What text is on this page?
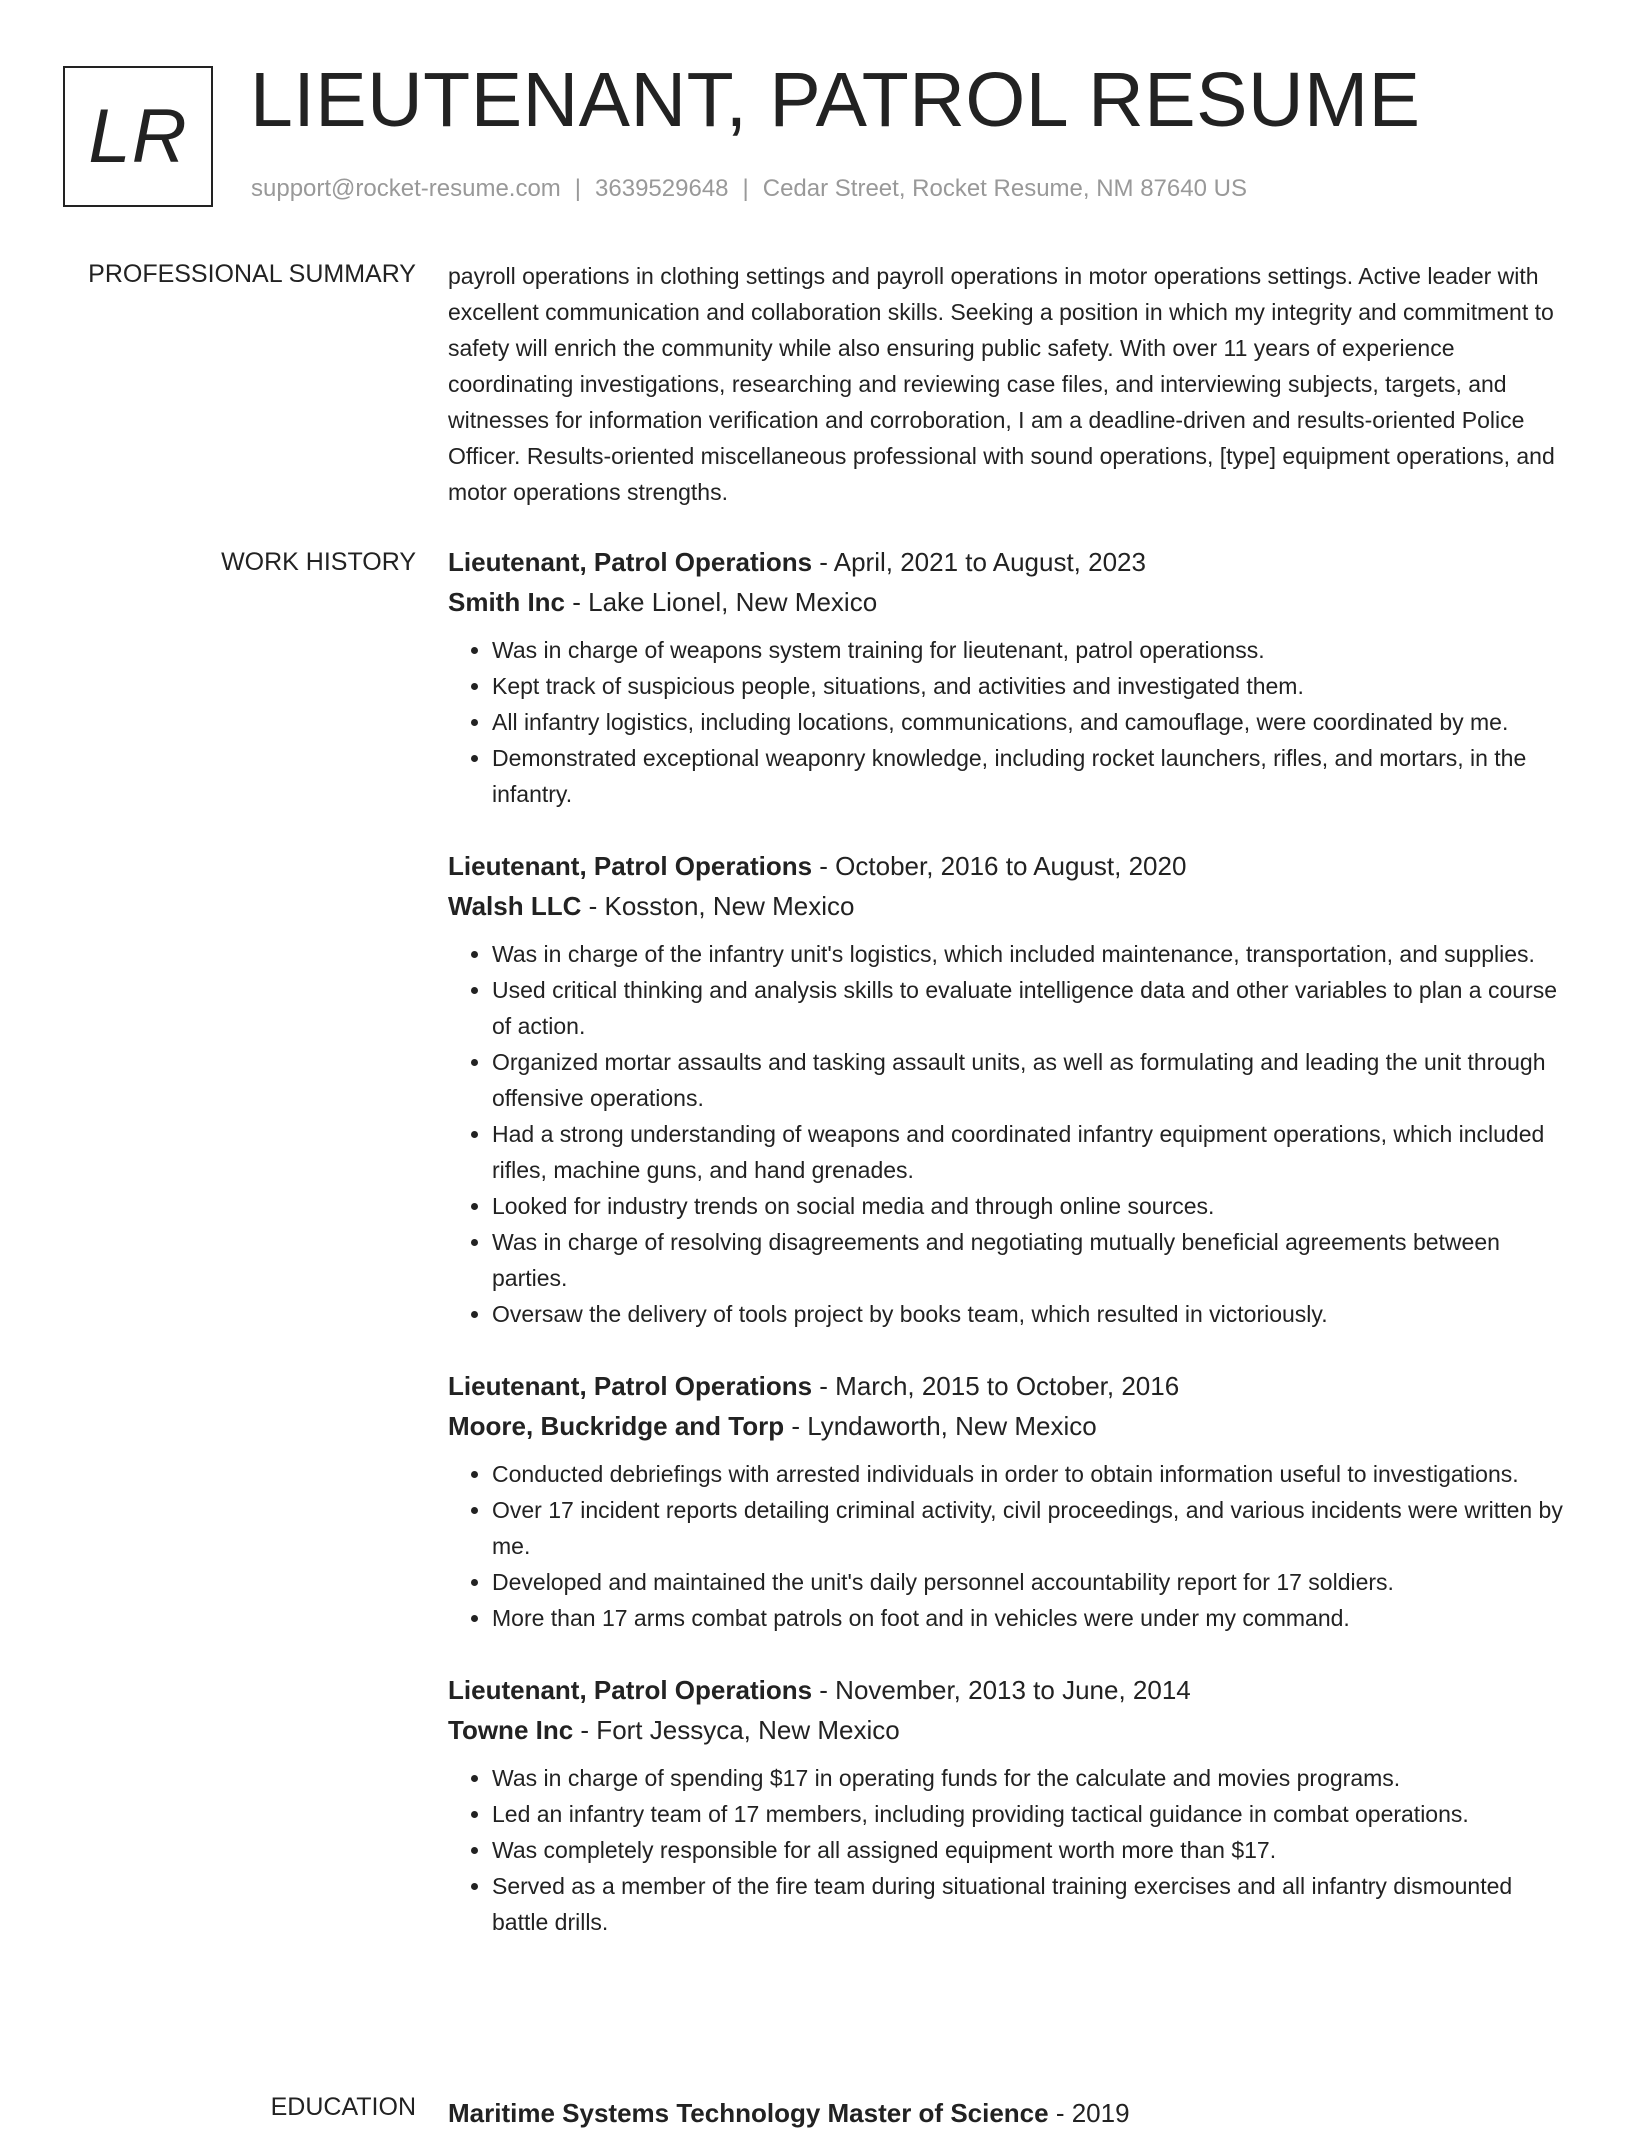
LR LIEUTENANT, PATROL RESUME
support@rocket-resume.com | 3639529648 | Cedar Street, Rocket Resume, NM 87640 US
PROFESSIONAL SUMMARY payroll operations in clothing settings and payroll operations in motor operations settings. Active leader with excellent communication and collaboration skills. Seeking a position in which my integrity and commitment to safety will enrich the community while also ensuring public safety. With over 11 years of experience coordinating investigations, researching and reviewing case files, and interviewing subjects, targets, and witnesses for information verification and corroboration, I am a deadline-driven and results-oriented Police Officer. Results-oriented miscellaneous professional with sound operations, [type] equipment operations, and motor operations strengths.

WORK HISTORY Lieutenant, Patrol Operations - April, 2021 to August, 2023
Smith Inc - Lake Lionel, New Mexico
• Was in charge of weapons system training for lieutenant, patrol operationss.
• Kept track of suspicious people, situations, and activities and investigated them.
• All infantry logistics, including locations, communications, and camouflage, were coordinated by me.
• Demonstrated exceptional weaponry knowledge, including rocket launchers, rifles, and mortars, in the infantry.
Lieutenant, Patrol Operations - October, 2016 to August, 2020
Walsh LLC - Kosston, New Mexico
• Was in charge of the infantry unit's logistics, which included maintenance, transportation, and supplies.
• Used critical thinking and analysis skills to evaluate intelligence data and other variables to plan a course of action.
• Organized mortar assaults and tasking assault units, as well as formulating and leading the unit through offensive operations.
• Had a strong understanding of weapons and coordinated infantry equipment operations, which included rifles, machine guns, and hand grenades.
• Looked for industry trends on social media and through online sources.
• Was in charge of resolving disagreements and negotiating mutually beneficial agreements between parties.
• Oversaw the delivery of tools project by books team, which resulted in victoriously.
Lieutenant, Patrol Operations - March, 2015 to October, 2016
Moore, Buckridge and Torp - Lyndaworth, New Mexico
• Conducted debriefings with arrested individuals in order to obtain information useful to investigations.
• Over 17 incident reports detailing criminal activity, civil proceedings, and various incidents were written by me.
• Developed and maintained the unit's daily personnel accountability report for 17 soldiers.
• More than 17 arms combat patrols on foot and in vehicles were under my command.
Lieutenant, Patrol Operations - November, 2013 to June, 2014
Towne Inc - Fort Jessyca, New Mexico
• Was in charge of spending $17 in operating funds for the calculate and movies programs.
• Led an infantry team of 17 members, including providing tactical guidance in combat operations.
• Was completely responsible for all assigned equipment worth more than $17.
• Served as a member of the fire team during situational training exercises and all infantry dismounted battle drills.
EDUCATION Maritime Systems Technology Master of Science - 2019
